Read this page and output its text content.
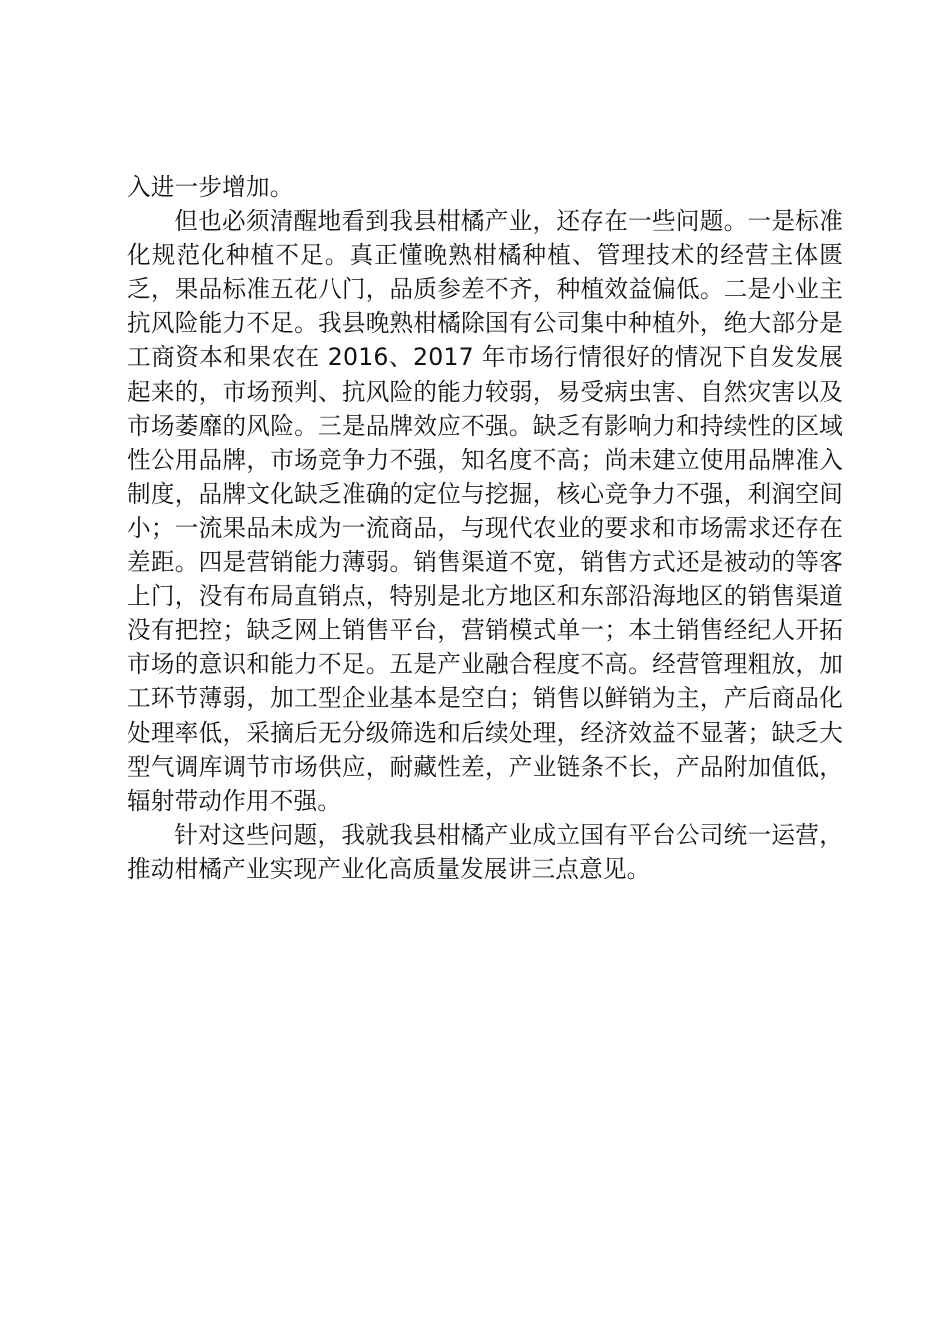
入进一步增加。

但也必须清醒地看到我县柑橘产业，还存在一些问题。一是标准化规范化种植不足。真正懂晚熟柑橘种植、管理技术的经营主体匮乏，果品标准五花八门，品质参差不齐，种植效益偏低。二是小业主抗风险能力不足。我县晚熟柑橘除国有公司集中种植外，绝大部分是工商资本和果农在 2016、2017 年市场行情很好的情况下自发发展起来的，市场预判、抗风险的能力较弱，易受病虫害、自然灾害以及市场萎靡的风险。三是品牌效应不强。缺乏有影响力和持续性的区域性公用品牌，市场竞争力不强，知名度不高；尚未建立使用品牌准入制度，品牌文化缺乏准确的定位与挖掘，核心竞争力不强，利润空间小；一流果品未成为一流商品，与现代农业的要求和市场需求还存在差距。四是营销能力薄弱。销售渠道不宽，销售方式还是被动的等客上门，没有布局直销点，特别是北方地区和东部沿海地区的销售渠道没有把控；缺乏网上销售平台，营销模式单一；本土销售经纪人开拓市场的意识和能力不足。五是产业融合程度不高。经营管理粗放，加工环节薄弱，加工型企业基本是空白；销售以鲜销为主，产后商品化处理率低，采摘后无分级筛选和后续处理，经济效益不显著；缺乏大型气调库调节市场供应，耐藏性差，产业链条不长，产品附加值低，辐射带动作用不强。

针对这些问题，我就我县柑橘产业成立国有平台公司统一运营，推动柑橘产业实现产业化高质量发展讲三点意见。
